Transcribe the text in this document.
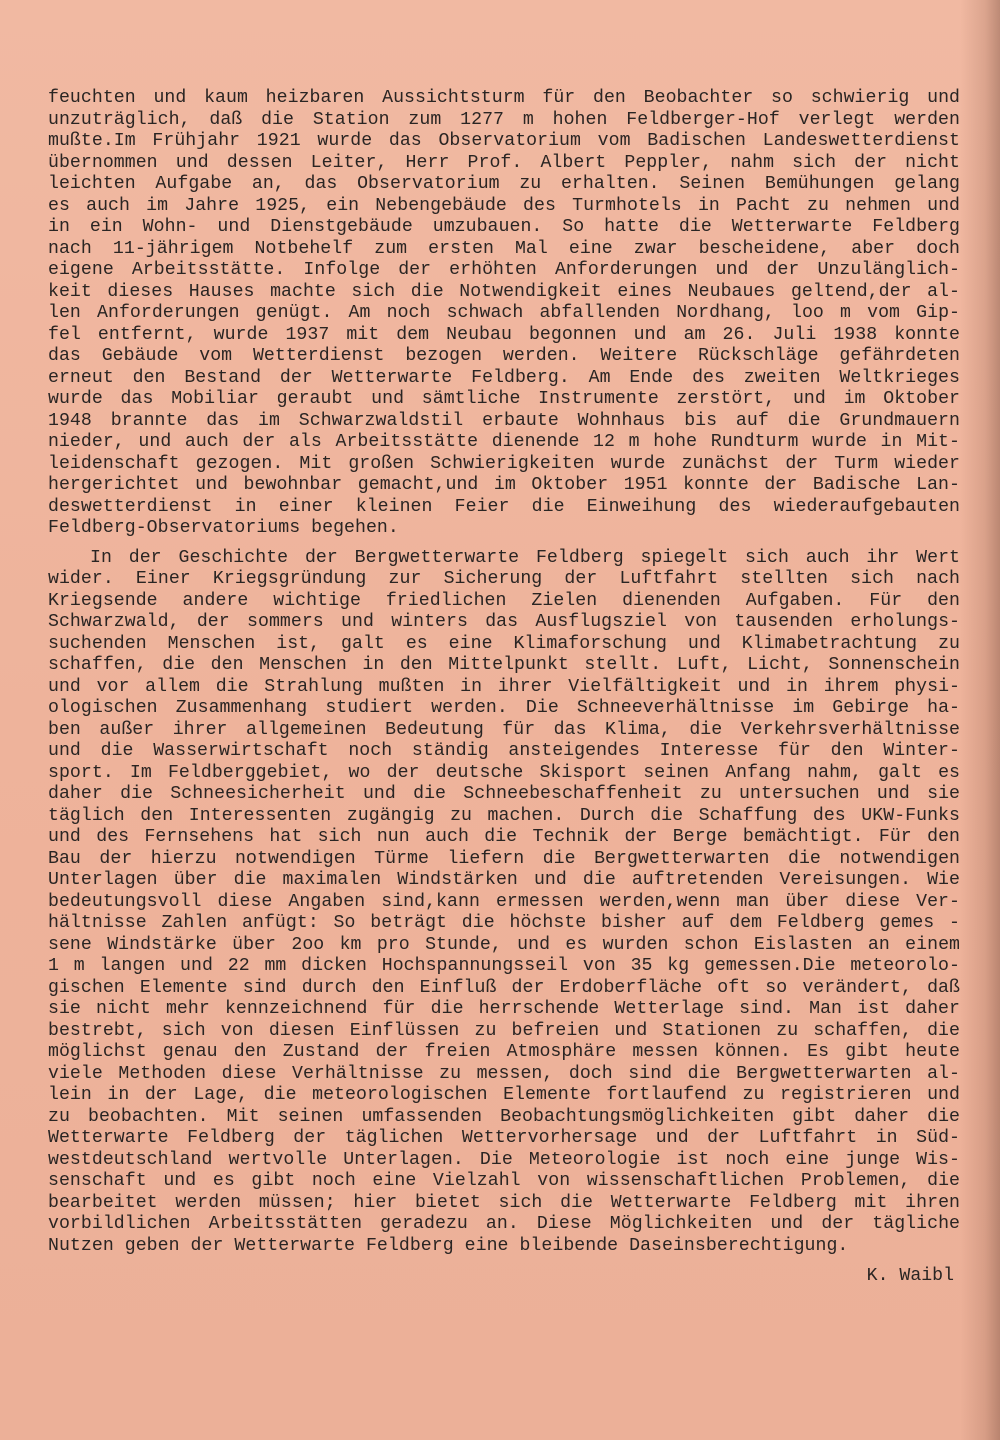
feuchten und kaum heizbaren Aussichtsturm für den Beobachter so schwierig und
unzuträglich, daß die Station zum 1277 m hohen Feldberger-Hof verlegt werden
mußte.Im Frühjahr 1921 wurde das Observatorium vom Badischen Landeswetterdienst
übernommen und dessen Leiter, Herr Prof. Albert Peppler, nahm sich der nicht
leichten Aufgabe an, das Observatorium zu erhalten. Seinen Bemühungen gelang
es auch im Jahre 1925, ein Nebengebäude des Turmhotels in Pacht zu nehmen und
in ein Wohn- und Dienstgebäude umzubauen. So hatte die Wetterwarte Feldberg
nach 11-jährigem Notbehelf zum ersten Mal eine zwar bescheidene, aber doch
eigene Arbeitsstätte. Infolge der erhöhten Anforderungen und der Unzulänglich-
keit dieses Hauses machte sich die Notwendigkeit eines Neubaues geltend,der al-
len Anforderungen genügt. Am noch schwach abfallenden Nordhang, loo m vom Gip-
fel entfernt, wurde 1937 mit dem Neubau begonnen und am 26. Juli 1938 konnte
das Gebäude vom Wetterdienst bezogen werden. Weitere Rückschläge gefährdeten
erneut den Bestand der Wetterwarte Feldberg. Am Ende des zweiten Weltkrieges
wurde das Mobiliar geraubt und sämtliche Instrumente zerstört, und im Oktober
1948 brannte das im Schwarzwaldstil erbaute Wohnhaus bis auf die Grundmauern
nieder, und auch der als Arbeitsstätte dienende 12 m hohe Rundturm wurde in Mit-
leidenschaft gezogen. Mit großen Schwierigkeiten wurde zunächst der Turm wieder
hergerichtet und bewohnbar gemacht,und im Oktober 1951 konnte der Badische Lan-
deswetterdienst in einer kleinen Feier die Einweihung des wiederaufgebauten
Feldberg-Observatoriums begehen.
In der Geschichte der Bergwetterwarte Feldberg spiegelt sich auch ihr Wert
wider. Einer Kriegsgründung zur Sicherung der Luftfahrt stellten sich nach
Kriegsende andere wichtige friedlichen Zielen dienenden Aufgaben. Für den
Schwarzwald, der sommers und winters das Ausflugsziel von tausenden erholungs-
suchenden Menschen ist, galt es eine Klimaforschung und Klimabetrachtung zu
schaffen, die den Menschen in den Mittelpunkt stellt. Luft, Licht, Sonnenschein
und vor allem die Strahlung mußten in ihrer Vielfältigkeit und in ihrem physi-
ologischen Zusammenhang studiert werden. Die Schneeverhältnisse im Gebirge ha-
ben außer ihrer allgemeinen Bedeutung für das Klima, die Verkehrsverhältnisse
und die Wasserwirtschaft noch ständig ansteigendes Interesse für den Winter-
sport. Im Feldberggebiet, wo der deutsche Skisport seinen Anfang nahm, galt es
daher die Schneesicherheit und die Schneebeschaffenheit zu untersuchen und sie
täglich den Interessenten zugängig zu machen. Durch die Schaffung des UKW-Funks
und des Fernsehens hat sich nun auch die Technik der Berge bemächtigt. Für den
Bau der hierzu notwendigen Türme liefern die Bergwetterwarten die notwendigen
Unterlagen über die maximalen Windstärken und die auftretenden Vereisungen. Wie
bedeutungsvoll diese Angaben sind,kann ermessen werden,wenn man über diese Ver-
hältnisse Zahlen anfügt: So beträgt die höchste bisher auf dem Feldberg gemes -
sene Windstärke über 2oo km pro Stunde, und es wurden schon Eislasten an einem
1 m langen und 22 mm dicken Hochspannungsseil von 35 kg gemessen.Die meteorolo-
gischen Elemente sind durch den Einfluß der Erdoberfläche oft so verändert, daß
sie nicht mehr kennzeichnend für die herrschende Wetterlage sind. Man ist daher
bestrebt, sich von diesen Einflüssen zu befreien und Stationen zu schaffen, die
möglichst genau den Zustand der freien Atmosphäre messen können. Es gibt heute
viele Methoden diese Verhältnisse zu messen, doch sind die Bergwetterwarten al-
lein in der Lage, die meteorologischen Elemente fortlaufend zu registrieren und
zu beobachten. Mit seinen umfassenden Beobachtungsmöglichkeiten gibt daher die
Wetterwarte Feldberg der täglichen Wettervorhersage und der Luftfahrt in Süd-
westdeutschland wertvolle Unterlagen. Die Meteorologie ist noch eine junge Wis-
senschaft und es gibt noch eine Vielzahl von wissenschaftlichen Problemen, die
bearbeitet werden müssen; hier bietet sich die Wetterwarte Feldberg mit ihren
vorbildlichen Arbeitsstätten geradezu an. Diese Möglichkeiten und der tägliche
Nutzen geben der Wetterwarte Feldberg eine bleibende Daseinsberechtigung.
K. Waibl
